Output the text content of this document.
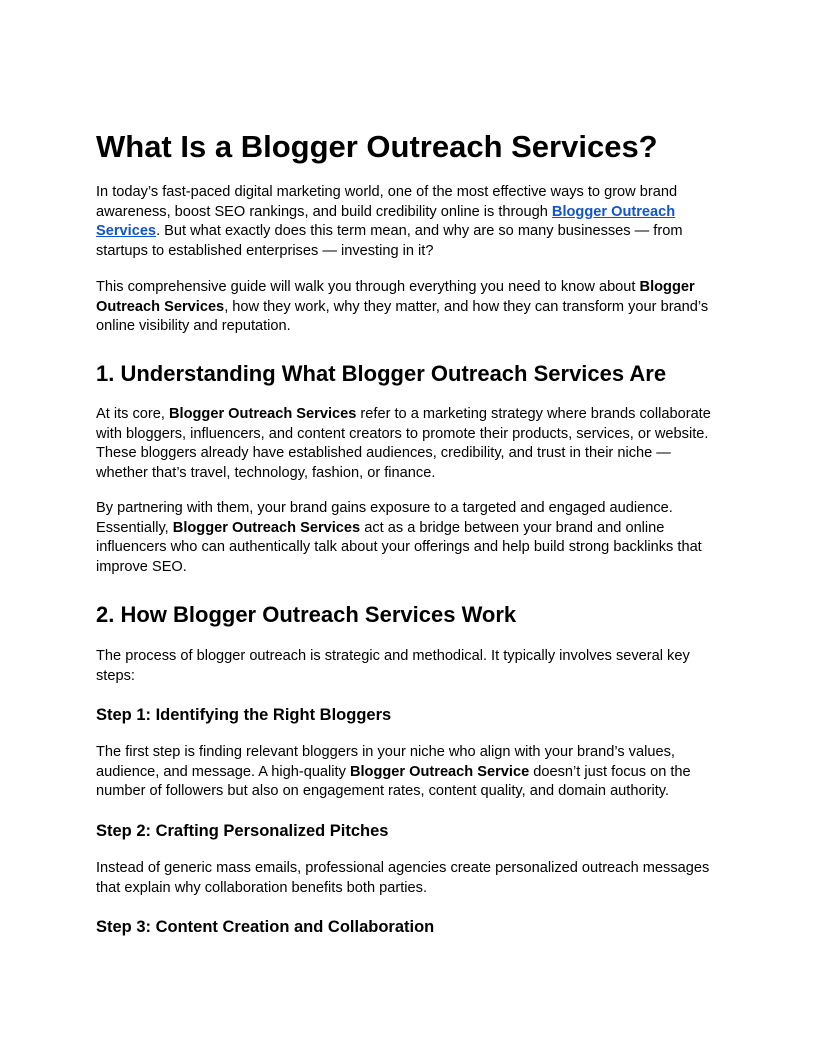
What Is a Blogger Outreach Services?

In today’s fast-paced digital marketing world, one of the most effective ways to grow brand awareness, boost SEO rankings, and build credibility online is through Blogger Outreach Services. But what exactly does this term mean, and why are so many businesses — from startups to established enterprises — investing in it?

This comprehensive guide will walk you through everything you need to know about Blogger Outreach Services, how they work, why they matter, and how they can transform your brand’s online visibility and reputation.

1. Understanding What Blogger Outreach Services Are

At its core, Blogger Outreach Services refer to a marketing strategy where brands collaborate with bloggers, influencers, and content creators to promote their products, services, or website. These bloggers already have established audiences, credibility, and trust in their niche — whether that’s travel, technology, fashion, or finance.

By partnering with them, your brand gains exposure to a targeted and engaged audience. Essentially, Blogger Outreach Services act as a bridge between your brand and online influencers who can authentically talk about your offerings and help build strong backlinks that improve SEO.

2. How Blogger Outreach Services Work

The process of blogger outreach is strategic and methodical. It typically involves several key steps:

Step 1: Identifying the Right Bloggers

The first step is finding relevant bloggers in your niche who align with your brand’s values, audience, and message. A high-quality Blogger Outreach Service doesn’t just focus on the number of followers but also on engagement rates, content quality, and domain authority.

Step 2: Crafting Personalized Pitches

Instead of generic mass emails, professional agencies create personalized outreach messages that explain why collaboration benefits both parties.

Step 3: Content Creation and Collaboration
